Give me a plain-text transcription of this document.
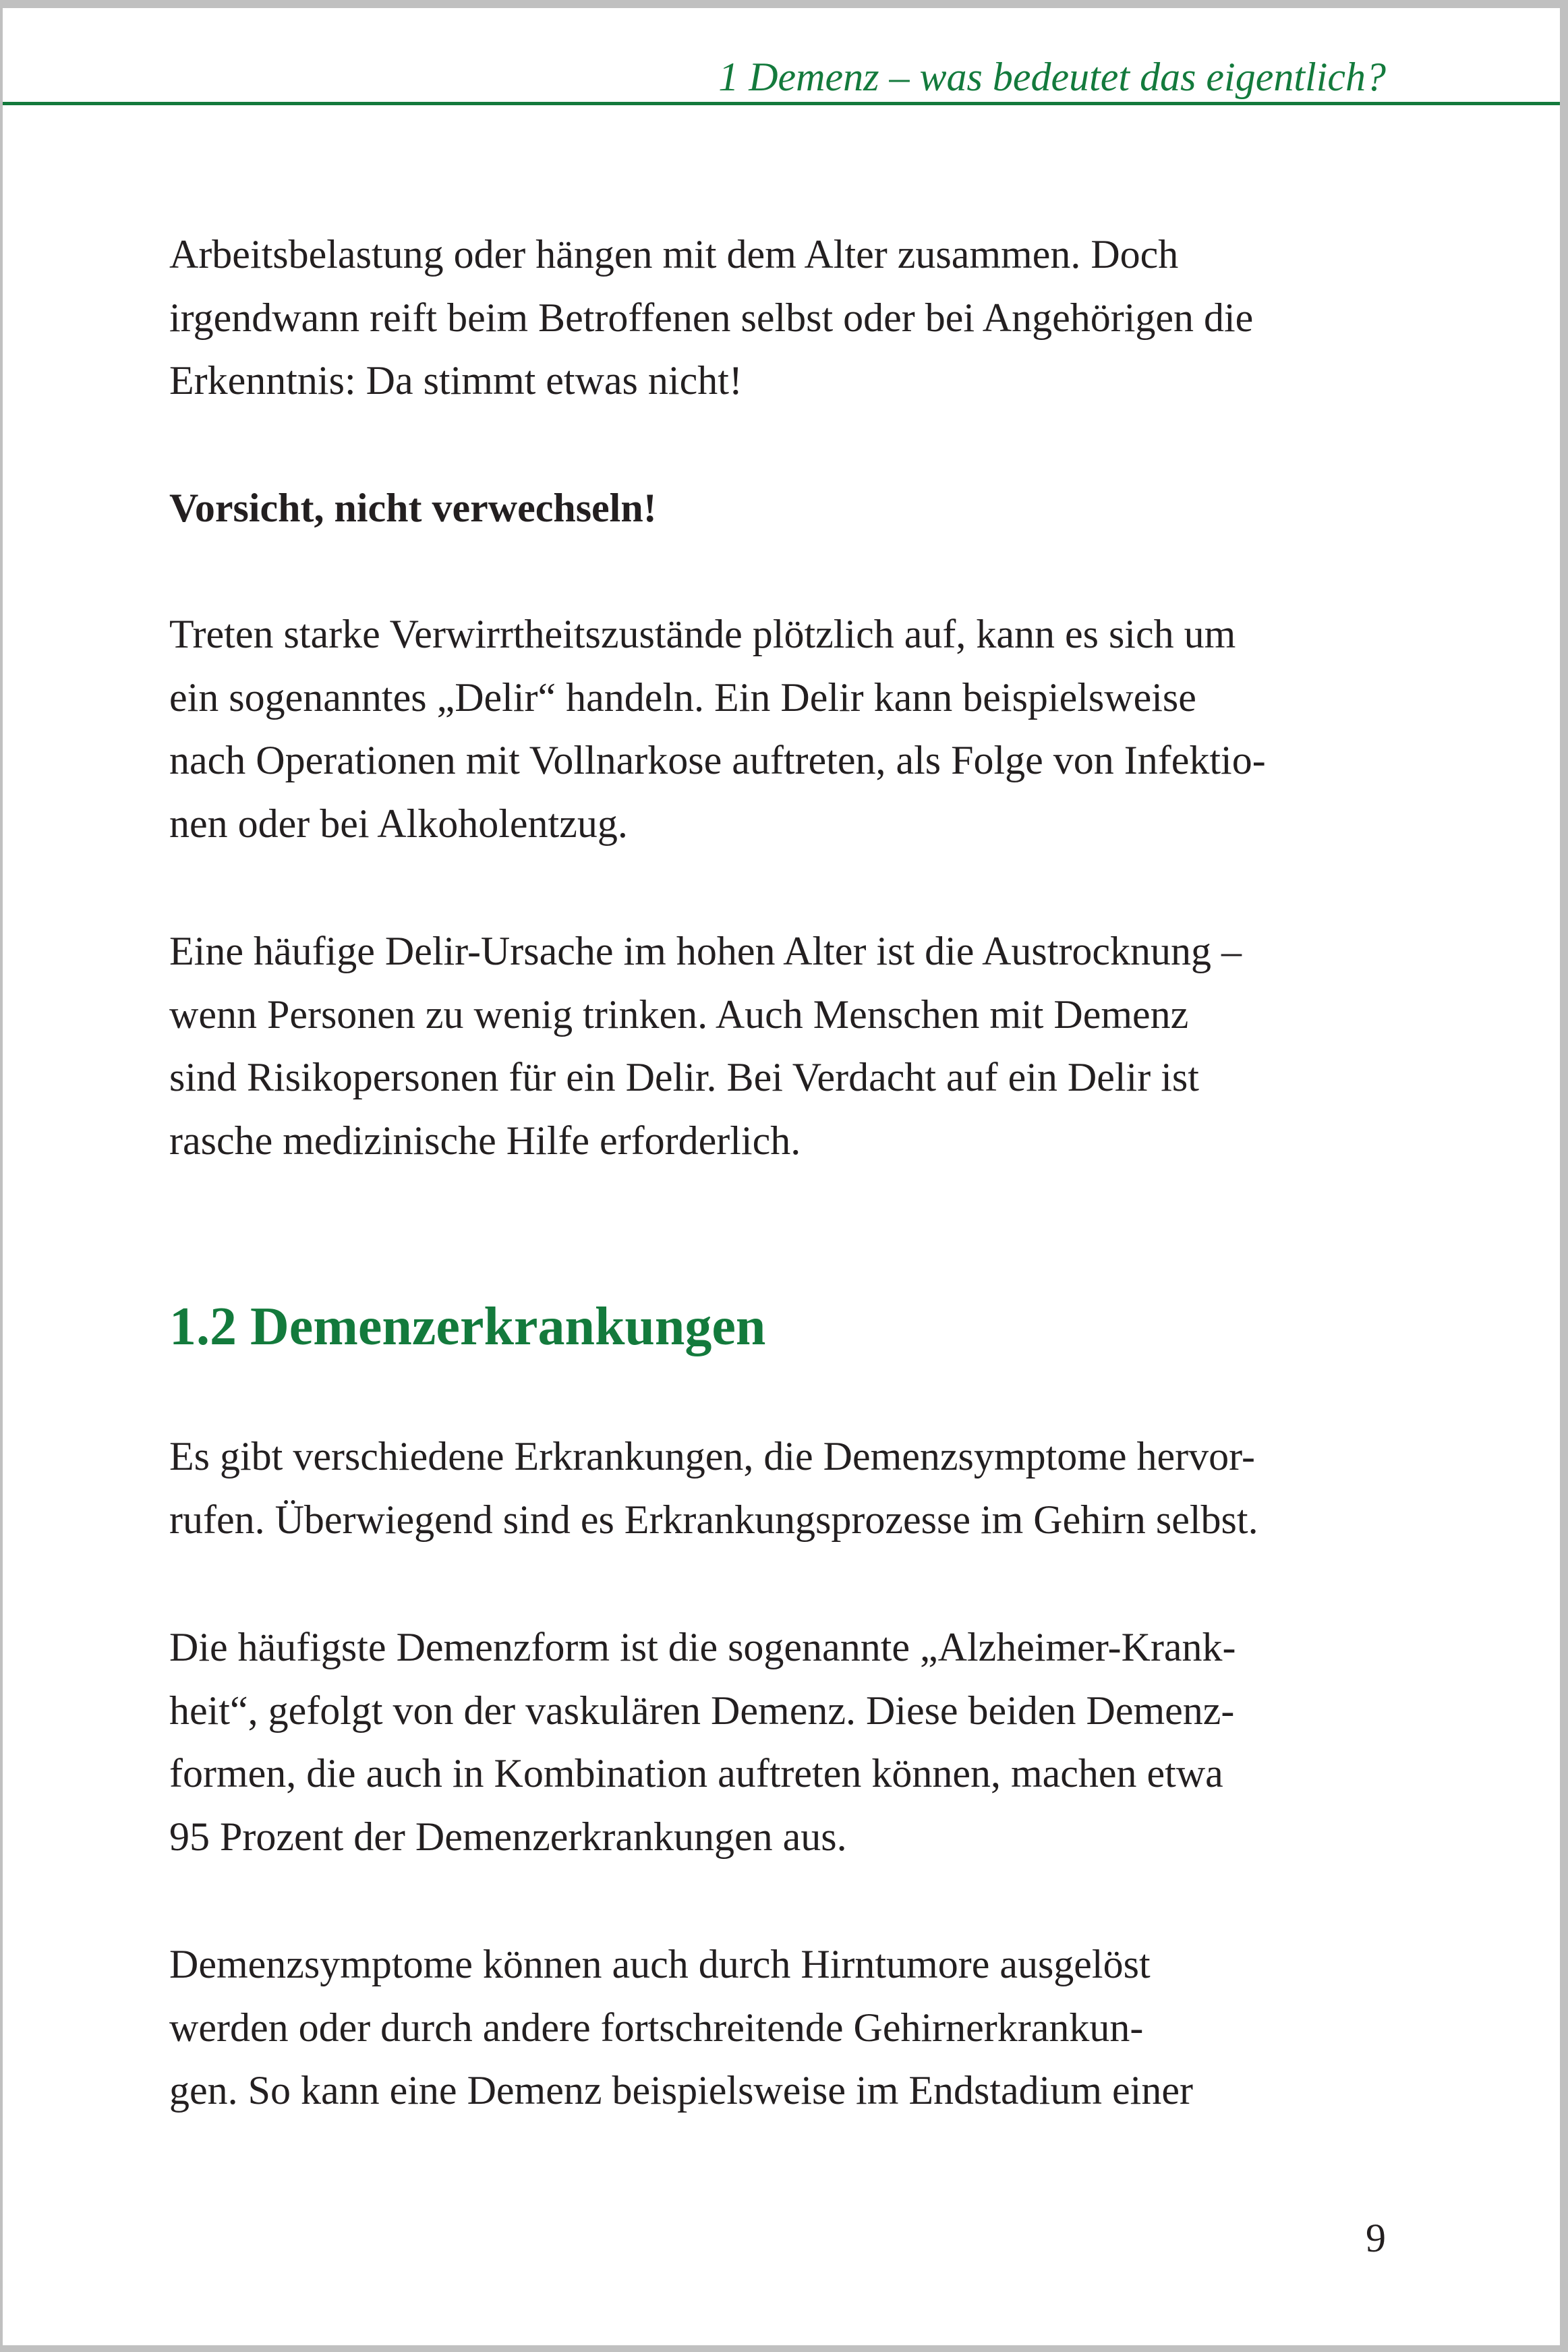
1 Demenz – was bedeutet das eigentlich?
Arbeitsbelastung oder hängen mit dem Alter zusammen. Doch
irgendwann reift beim Betroffenen selbst oder bei Angehörigen die
Erkenntnis: Da stimmt etwas nicht!
Vorsicht, nicht verwechseln!
Treten starke Verwirrtheitszustände plötzlich auf, kann es sich um
ein sogenanntes „Delir“ handeln. Ein Delir kann beispielsweise
nach Operationen mit Vollnarkose auftreten, als Folge von Infektio-
nen oder bei Alkoholentzug.
Eine häufige Delir-Ursache im hohen Alter ist die Austrocknung –
wenn Personen zu wenig trinken. Auch Menschen mit Demenz
sind Risikopersonen für ein Delir. Bei Verdacht auf ein Delir ist
rasche medizinische Hilfe erforderlich.
1.2 Demenzerkrankungen
Es gibt verschiedene Erkrankungen, die Demenzsymptome hervor-
rufen. Überwiegend sind es Erkrankungsprozesse im Gehirn selbst.
Die häufigste Demenzform ist die sogenannte „Alzheimer-Krank-
heit“, gefolgt von der vaskulären Demenz. Diese beiden Demenz-
formen, die auch in Kombination auftreten können, machen etwa
95 Prozent der Demenzerkrankungen aus.
Demenzsymptome können auch durch Hirntumore ausgelöst
werden oder durch andere fortschreitende Gehirnerkrankun-
gen. So kann eine Demenz beispielsweise im Endstadium einer
9
